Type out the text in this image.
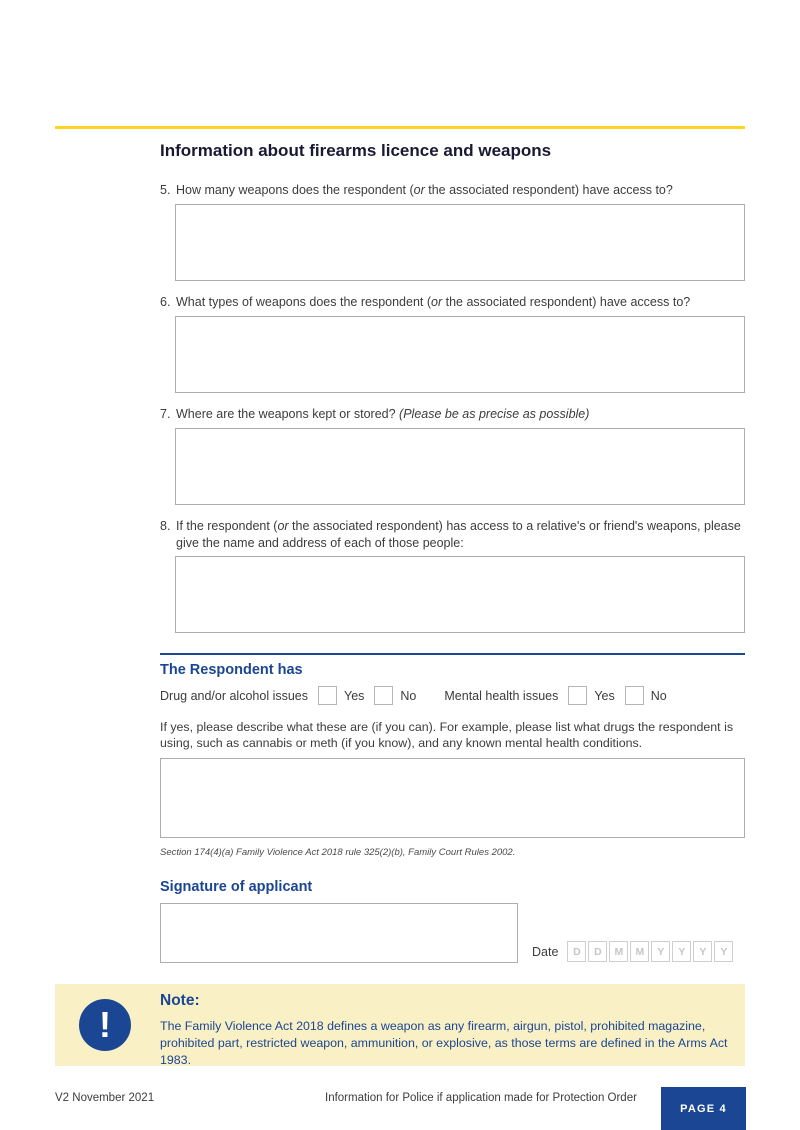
Information about firearms licence and weapons
5. How many weapons does the respondent (or the associated respondent) have access to?
6. What types of weapons does the respondent (or the associated respondent) have access to?
7. Where are the weapons kept or stored? (Please be as precise as possible)
8. If the respondent (or the associated respondent) has access to a relative's or friend's weapons, please give the name and address of each of those people:
The Respondent has
Drug and/or alcohol issues	Yes	No Mental health issues	Yes	No

If yes, please describe what these are (if you can). For example, please list what drugs the respondent is using, such as cannabis or meth (if you know), and any known mental health conditions.

Section 174(4)(a) Family Violence Act 2018 rule 325(2)(b), Family Court Rules 2002.

Signature of applicant
Date	D	D	M	M	Y	Y	Y	Y
!
Note:
The Family Violence Act 2018 defines a weapon as any firearm, airgun, pistol, prohibited magazine, prohibited part, restricted weapon, ammunition, or explosive, as those terms are defined in the Arms Act 1983.
V2 November 2021	Information for Police if application made for Protection Order
PAGE 4
